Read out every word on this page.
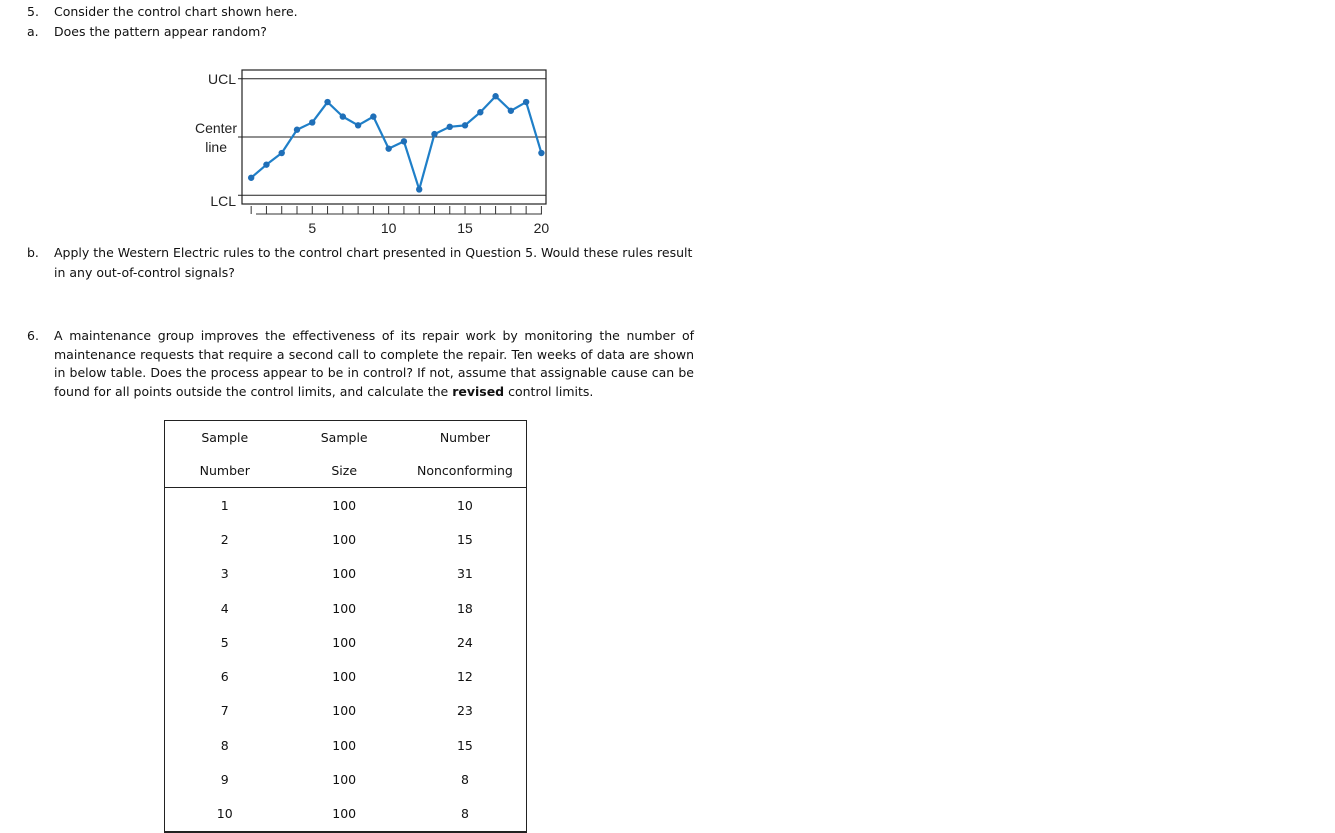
5. Consider the control chart shown here.
a. Does the pattern appear random?
UCL
Center
line
LCL
5	10	15	20
b. Apply the Western Electric rules to the control chart presented in Question 5. Would these rules result
in any out-of-control signals?
6. A maintenance group improves the effectiveness of its repair work by monitoring the number of
maintenance requests that require a second call to complete the repair. Ten weeks of data are shown
in below table. Does the process appear to be in control? If not, assume that assignable cause can be
found for all points outside the control limits, and calculate the revised control limits.
Sample	Sample	Number
Number	Size	Nonconforming
1	100	10
2	100	15
3	100	31
4	100	18
5	100	24
6	100	12
7	100	23
8	100	15
9	100	8
10	100	8
